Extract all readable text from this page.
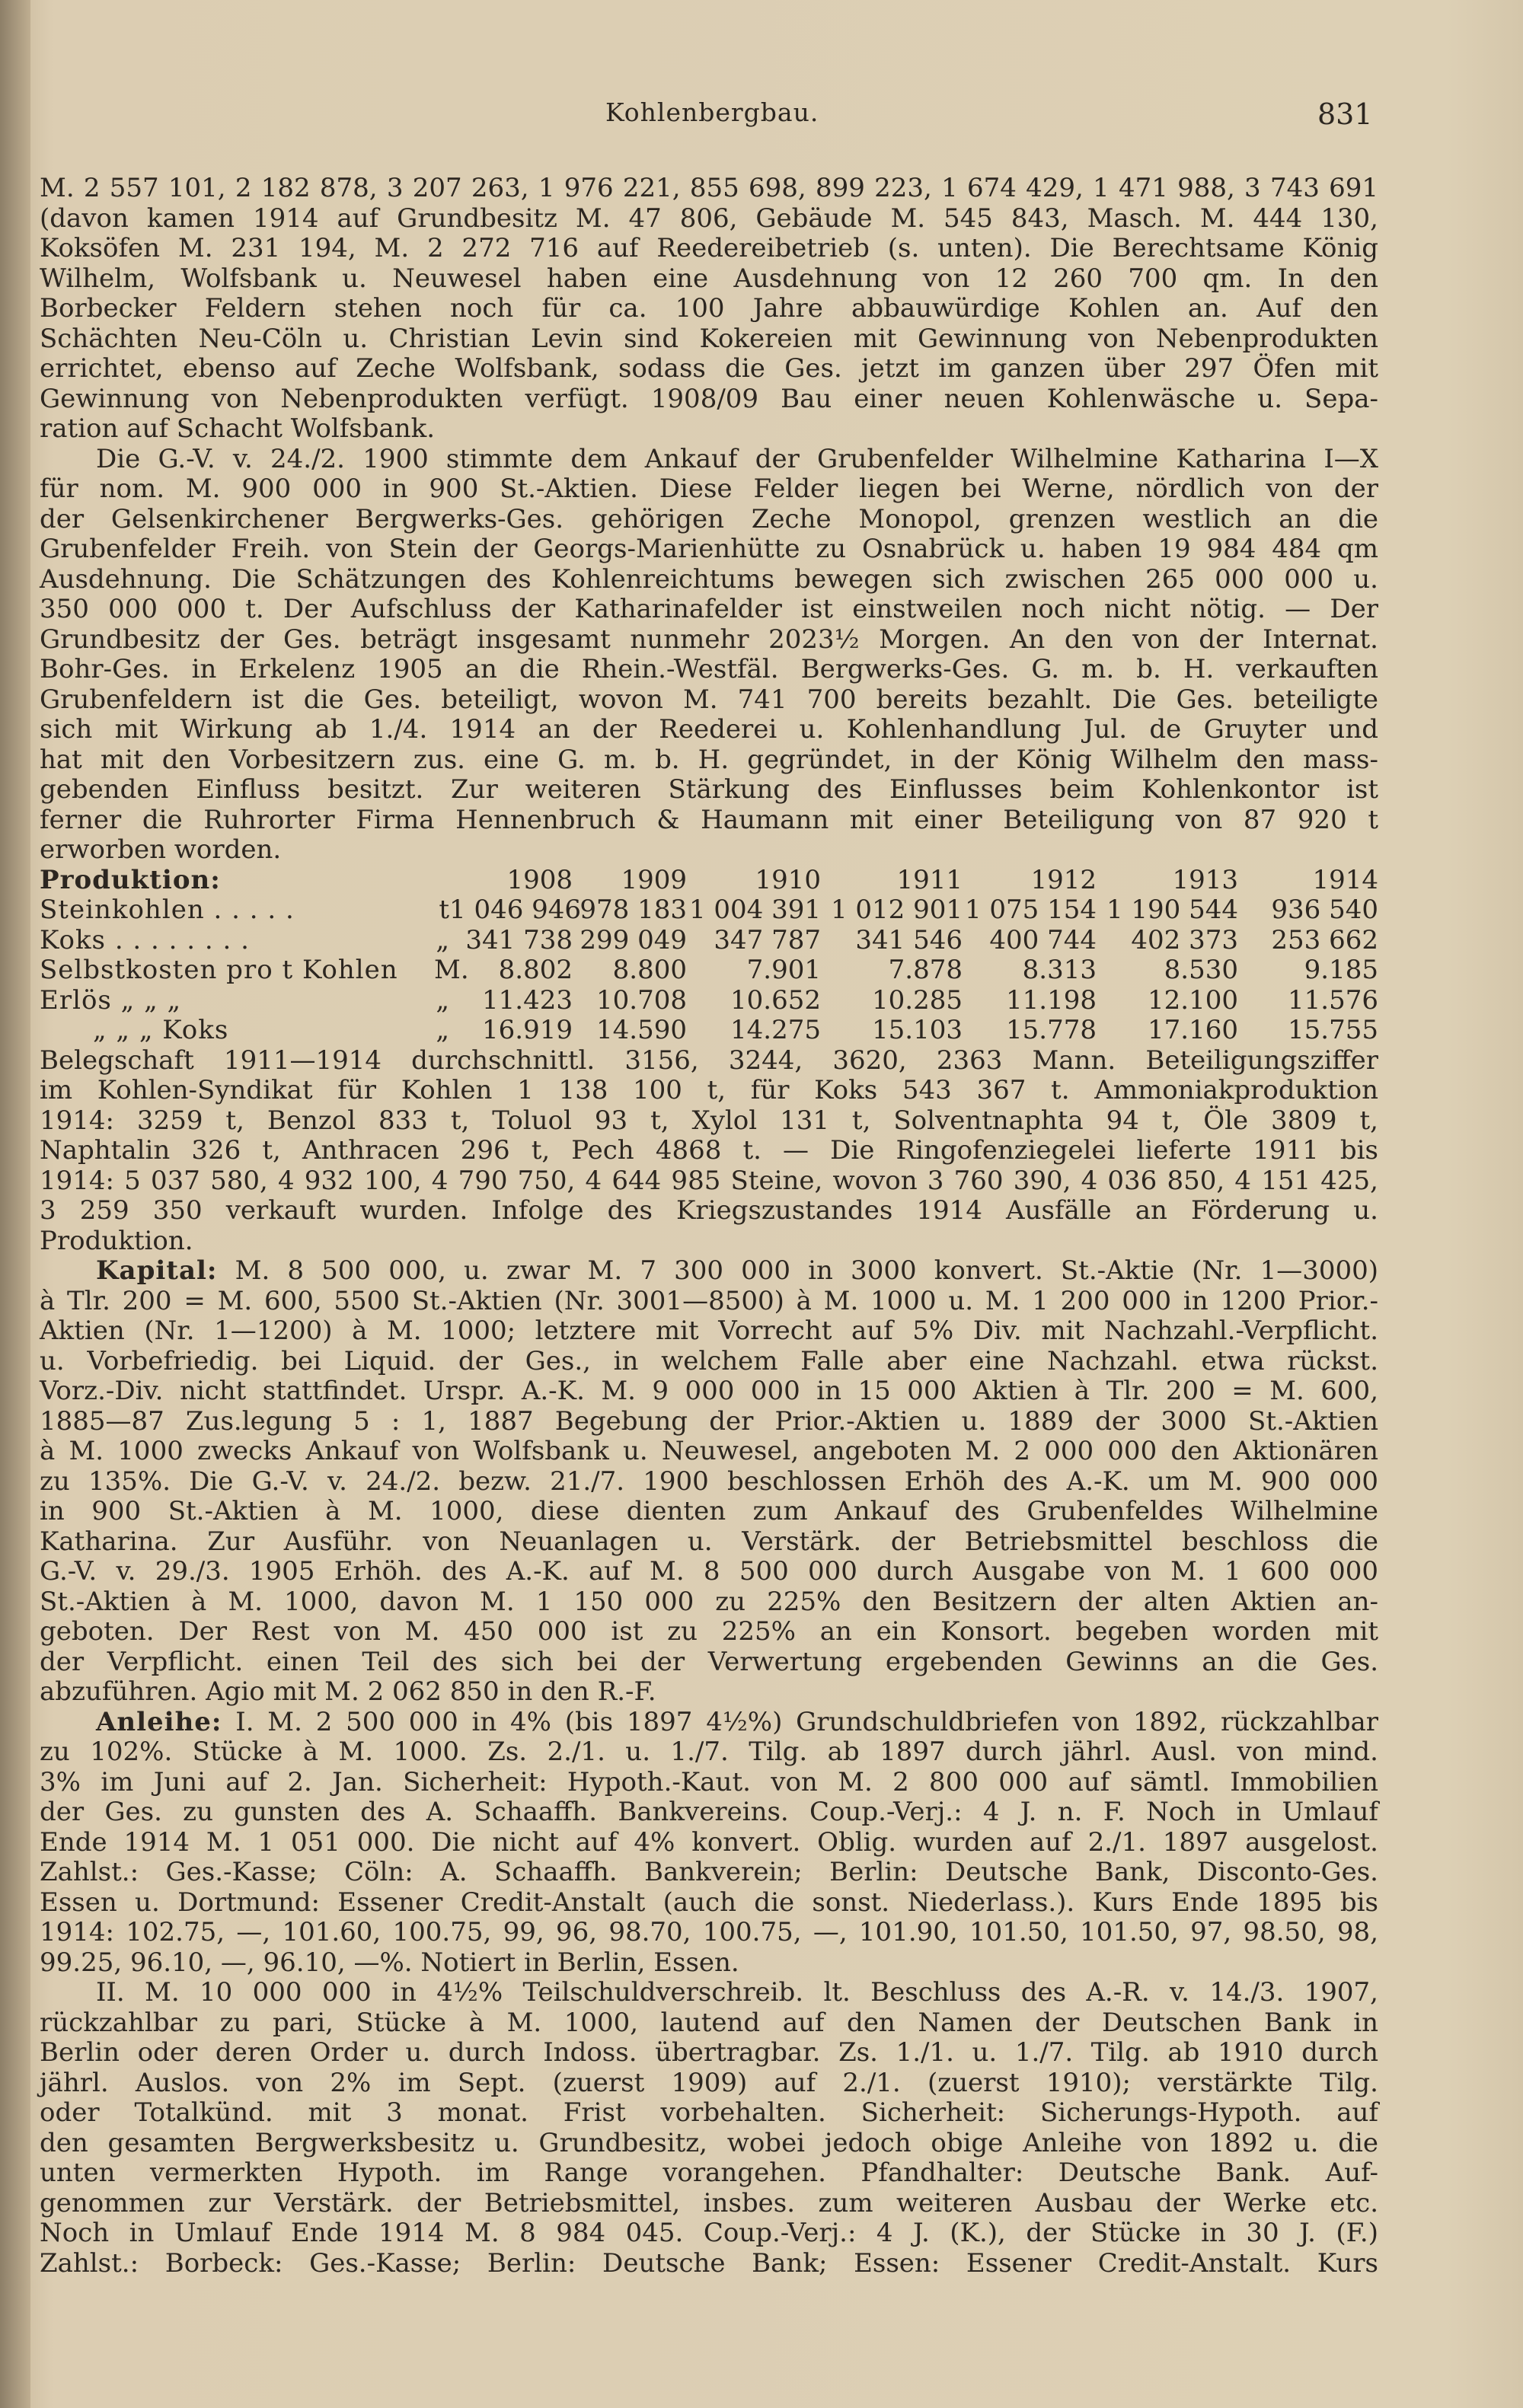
Kohlenbergbau.	831
M. 2 557 101, 2 182 878, 3 207 263, 1 976 221, 855 698, 899 223, 1 674 429, 1 471 988, 3 743 691
(davon kamen 1914 auf Grundbesitz M. 47 806, Gebäude M. 545 843, Masch. M. 444 130,
Koksöfen M. 231 194, M. 2 272 716 auf Reedereibetrieb (s. unten). Die Berechtsame König
Wilhelm, Wolfsbank u. Neuwesel haben eine Ausdehnung von 12 260 700 qm. In den
Borbecker Feldern stehen noch für ca. 100 Jahre abbauwürdige Kohlen an. Auf den
Schächten Neu-Cöln u. Christian Levin sind Kokereien mit Gewinnung von Nebenprodukten
errichtet, ebenso auf Zeche Wolfsbank, sodass die Ges. jetzt im ganzen über 297 Öfen mit
Gewinnung von Nebenprodukten verfügt. 1908/09 Bau einer neuen Kohlenwäsche u. Sepa-
ration auf Schacht Wolfsbank.
Die G.-V. v. 24./2. 1900 stimmte dem Ankauf der Grubenfelder Wilhelmine Katharina I—X
für nom. M. 900 000 in 900 St.-Aktien. Diese Felder liegen bei Werne, nördlich von der
der Gelsenkirchener Bergwerks-Ges. gehörigen Zeche Monopol, grenzen westlich an die
Grubenfelder Freih. von Stein der Georgs-Marienhütte zu Osnabrück u. haben 19 984 484 qm
Ausdehnung. Die Schätzungen des Kohlenreichtums bewegen sich zwischen 265 000 000 u.
350 000 000 t. Der Aufschluss der Katharinafelder ist einstweilen noch nicht nötig. — Der
Grundbesitz der Ges. beträgt insgesamt nunmehr 2023½ Morgen. An den von der Internat.
Bohr-Ges. in Erkelenz 1905 an die Rhein.-Westfäl. Bergwerks-Ges. G. m. b. H. verkauften
Grubenfeldern ist die Ges. beteiligt, wovon M. 741 700 bereits bezahlt. Die Ges. beteiligte
sich mit Wirkung ab 1./4. 1914 an der Reederei u. Kohlenhandlung Jul. de Gruyter und
hat mit den Vorbesitzern zus. eine G. m. b. H. gegründet, in der König Wilhelm den mass-
gebenden Einfluss besitzt. Zur weiteren Stärkung des Einflusses beim Kohlenkontor ist
ferner die Ruhrorter Firma Hennenbruch & Haumann mit einer Beteiligung von 87 920 t
erworben worden.
Produktion:		1908	1909	1910	1911	1912	1913	1914
Steinkohlen . . . . .	t	1 046 946	978 183	1 004 391	1 012 901	1 075 154	1 190 544	936 540
Koks . . . . . . . .	„	341 738	299 049	347 787	341 546	400 744	402 373	253 662
Selbstkosten pro t Kohlen	M.	8.802	8.800	7.901	7.878	8.313	8.530	9.185
Erlös „ „ „	„	11.423	10.708	10.652	10.285	11.198	12.100	11.576
„ „ „ Koks	„	16.919	14.590	14.275	15.103	15.778	17.160	15.755
Belegschaft 1911—1914 durchschnittl. 3156, 3244, 3620, 2363 Mann. Beteiligungsziffer
im Kohlen-Syndikat für Kohlen 1 138 100 t, für Koks 543 367 t. Ammoniakproduktion
1914: 3259 t, Benzol 833 t, Toluol 93 t, Xylol 131 t, Solventnaphta 94 t, Öle 3809 t,
Naphtalin 326 t, Anthracen 296 t, Pech 4868 t. — Die Ringofenziegelei lieferte 1911 bis
1914: 5 037 580, 4 932 100, 4 790 750, 4 644 985 Steine, wovon 3 760 390, 4 036 850, 4 151 425,
3 259 350 verkauft wurden. Infolge des Kriegszustandes 1914 Ausfälle an Förderung u.
Produktion.
Kapital: M. 8 500 000, u. zwar M. 7 300 000 in 3000 konvert. St.-Aktie (Nr. 1—3000)
à Tlr. 200 = M. 600, 5500 St.-Aktien (Nr. 3001—8500) à M. 1000 u. M. 1 200 000 in 1200 Prior.-
Aktien (Nr. 1—1200) à M. 1000; letztere mit Vorrecht auf 5% Div. mit Nachzahl.-Verpflicht.
u. Vorbefriedig. bei Liquid. der Ges., in welchem Falle aber eine Nachzahl. etwa rückst.
Vorz.-Div. nicht stattfindet. Urspr. A.-K. M. 9 000 000 in 15 000 Aktien à Tlr. 200 = M. 600,
1885—87 Zus.legung 5 : 1, 1887 Begebung der Prior.-Aktien u. 1889 der 3000 St.-Aktien
à M. 1000 zwecks Ankauf von Wolfsbank u. Neuwesel, angeboten M. 2 000 000 den Aktionären
zu 135%. Die G.-V. v. 24./2. bezw. 21./7. 1900 beschlossen Erhöh des A.-K. um M. 900 000
in 900 St.-Aktien à M. 1000, diese dienten zum Ankauf des Grubenfeldes Wilhelmine
Katharina. Zur Ausführ. von Neuanlagen u. Verstärk. der Betriebsmittel beschloss die
G.-V. v. 29./3. 1905 Erhöh. des A.-K. auf M. 8 500 000 durch Ausgabe von M. 1 600 000
St.-Aktien à M. 1000, davon M. 1 150 000 zu 225% den Besitzern der alten Aktien an-
geboten. Der Rest von M. 450 000 ist zu 225% an ein Konsort. begeben worden mit
der Verpflicht. einen Teil des sich bei der Verwertung ergebenden Gewinns an die Ges.
abzuführen. Agio mit M. 2 062 850 in den R.-F.
Anleihe: I. M. 2 500 000 in 4% (bis 1897 4½%) Grundschuldbriefen von 1892, rückzahlbar
zu 102%. Stücke à M. 1000. Zs. 2./1. u. 1./7. Tilg. ab 1897 durch jährl. Ausl. von mind.
3% im Juni auf 2. Jan. Sicherheit: Hypoth.-Kaut. von M. 2 800 000 auf sämtl. Immobilien
der Ges. zu gunsten des A. Schaaffh. Bankvereins. Coup.-Verj.: 4 J. n. F. Noch in Umlauf
Ende 1914 M. 1 051 000. Die nicht auf 4% konvert. Oblig. wurden auf 2./1. 1897 ausgelost.
Zahlst.: Ges.-Kasse; Cöln: A. Schaaffh. Bankverein; Berlin: Deutsche Bank, Disconto-Ges.
Essen u. Dortmund: Essener Credit-Anstalt (auch die sonst. Niederlass.). Kurs Ende 1895 bis
1914: 102.75, —, 101.60, 100.75, 99, 96, 98.70, 100.75, —, 101.90, 101.50, 101.50, 97, 98.50, 98,
99.25, 96.10, —, 96.10, —%. Notiert in Berlin, Essen.
II. M. 10 000 000 in 4½% Teilschuldverschreib. lt. Beschluss des A.-R. v. 14./3. 1907,
rückzahlbar zu pari, Stücke à M. 1000, lautend auf den Namen der Deutschen Bank in
Berlin oder deren Order u. durch Indoss. übertragbar. Zs. 1./1. u. 1./7. Tilg. ab 1910 durch
jährl. Auslos. von 2% im Sept. (zuerst 1909) auf 2./1. (zuerst 1910); verstärkte Tilg.
oder Totalkünd. mit 3 monat. Frist vorbehalten. Sicherheit: Sicherungs-Hypoth. auf
den gesamten Bergwerksbesitz u. Grundbesitz, wobei jedoch obige Anleihe von 1892 u. die
unten vermerkten Hypoth. im Range vorangehen. Pfandhalter: Deutsche Bank. Auf-
genommen zur Verstärk. der Betriebsmittel, insbes. zum weiteren Ausbau der Werke etc.
Noch in Umlauf Ende 1914 M. 8 984 045. Coup.-Verj.: 4 J. (K.), der Stücke in 30 J. (F.)
Zahlst.: Borbeck: Ges.-Kasse; Berlin: Deutsche Bank; Essen: Essener Credit-Anstalt. Kurs
